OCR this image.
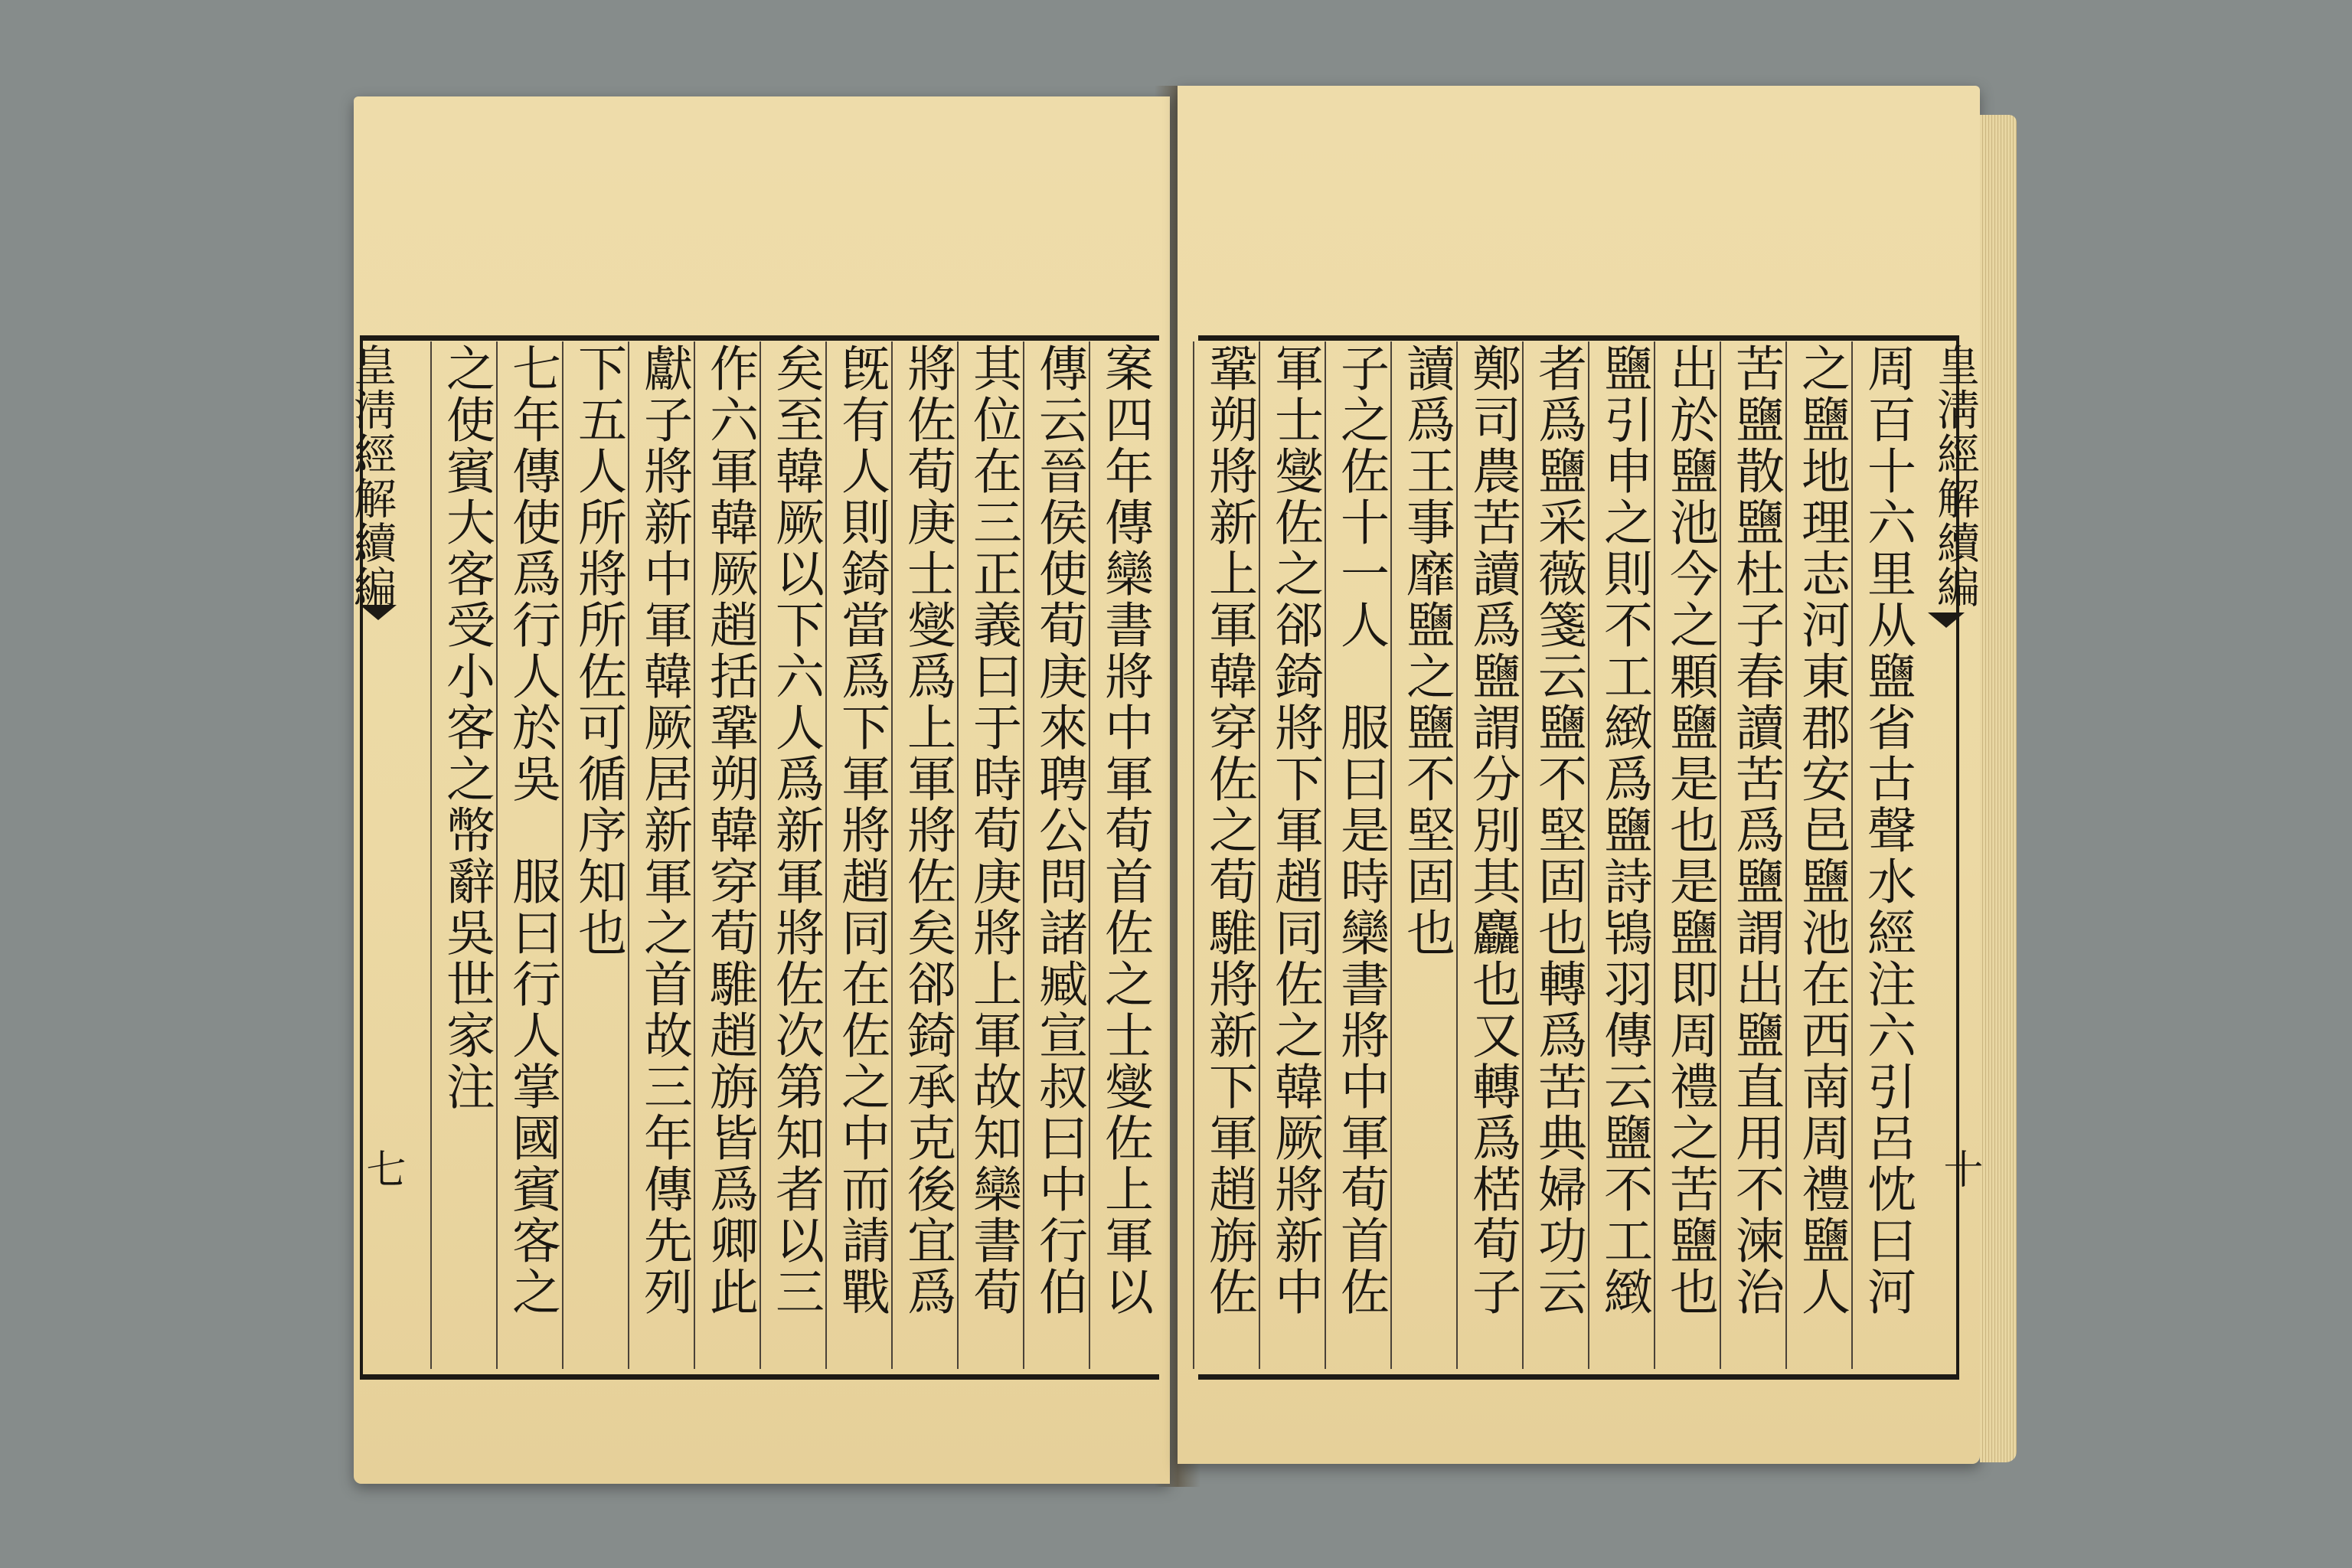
皇淸經解續編
十
皇淸經解續編
七
周百十六里从鹽省古聲水經注六引呂忱曰河
之鹽地理志河東郡安邑鹽池在西南周禮鹽人
苦鹽散鹽杜子春讀苦爲鹽謂出鹽直用不湅治
出於鹽池今之顆鹽是也是鹽即周禮之苦鹽也
鹽引申之則不工緻爲鹽詩鴇羽傳云鹽不工緻
者爲鹽采薇箋云鹽不堅固也轉爲苦典婦功云
鄭司農苦讀爲鹽謂分別其麤也又轉爲楛荀子
讀爲王事靡鹽之鹽不堅固也
子之佐十一人　服曰是時欒書將中軍荀首佐
軍士燮佐之郤錡將下軍趙同佐之韓厥將新中
鞏朔將新上軍韓穿佐之荀騅將新下軍趙旃佐
案四年傳欒書將中軍荀首佐之士燮佐上軍以
傳云晉侯使荀庚來聘公問諸臧宣叔曰中行伯
其位在三正義曰于時荀庚將上軍故知欒書荀
將佐荀庚士燮爲上軍將佐矣郤錡承克後宜爲
旣有人則錡當爲下軍將趙同在佐之中而請戰
矣至韓厥以下六人爲新軍將佐次第知者以三
作六軍韓厥趙括鞏朔韓穿荀騅趙旃皆爲卿此
獻子將新中軍韓厥居新軍之首故三年傳先列
下五人所將所佐可循序知也
七年傳使爲行人於吳　服曰行人掌國賓客之
之使賓大客受小客之幣辭吳世家注
